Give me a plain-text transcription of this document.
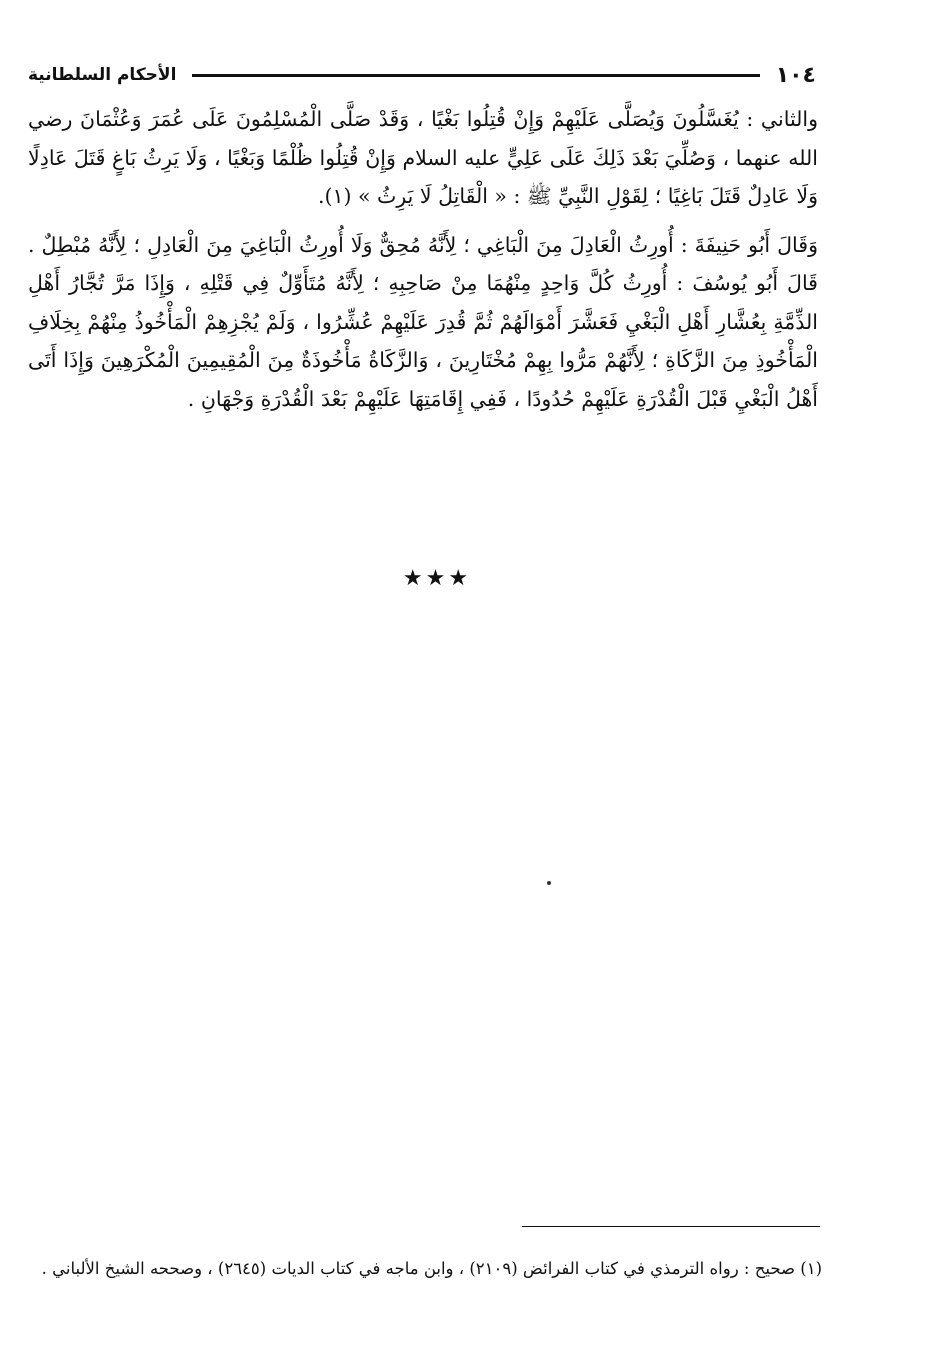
١٠٤
الأحكام السلطانية

والثاني : يُغَسَّلُونَ وَيُصَلَّى عَلَيْهِمْ وَإِنْ قُتِلُوا بَغْيًا ، وَقَدْ صَلَّى الْمُسْلِمُونَ عَلَى عُمَرَ وَعُثْمَانَ رضي الله عنهما ، وَصُلِّيَ بَعْدَ ذَلِكَ عَلَى عَلِيٍّ عليه السلام وَإِنْ قُتِلُوا ظُلْمًا وَبَغْيًا ، وَلَا يَرِثُ بَاغٍ قَتَلَ عَادِلًا وَلَا عَادِلٌ قَتَلَ بَاغِيًا ؛ لِقَوْلِ النَّبِيِّ ﷺ : « الْقَاتِلُ لَا يَرِثُ » (١).

وَقَالَ أَبُو حَنِيفَةَ : أُورِثُ الْعَادِلَ مِنَ الْبَاغِي ؛ لِأَنَّهُ مُحِقٌّ وَلَا أُورِثُ الْبَاغِيَ مِنَ الْعَادِلِ ؛ لِأَنَّهُ مُبْطِلٌ . قَالَ أَبُو يُوسُفَ : أُورِثُ كُلَّ وَاحِدٍ مِنْهُمَا مِنْ صَاحِبِهِ ؛ لِأَنَّهُ مُتَأَوِّلٌ فِي قَتْلِهِ ، وَإِذَا مَرَّ تُجَّارُ أَهْلِ الذِّمَّةِ بِعُشَّارِ أَهْلِ الْبَغْيِ فَعَشَّرَ أَمْوَالَهُمْ ثُمَّ قُدِرَ عَلَيْهِمْ عُشِّرُوا ، وَلَمْ يُجْزِهِمْ الْمَأْخُوذُ مِنْهُمْ بِخِلَافِ الْمَأْخُوذِ مِنَ الزَّكَاةِ ؛ لِأَنَّهُمْ مَرُّوا بِهِمْ مُخْتَارِينَ ، وَالزَّكَاةُ مَأْخُوذَةٌ مِنَ الْمُقِيمِينَ الْمُكْرَهِينَ وَإِذَا أَتَى أَهْلُ الْبَغْيِ قَبْلَ الْقُدْرَةِ عَلَيْهِمْ حُدُودًا ، فَفِي إِقَامَتِهَا عَلَيْهِمْ بَعْدَ الْقُدْرَةِ وَجْهَانِ .

★★★
(١) صحيح : رواه الترمذي في كتاب الفرائض (٢١٠٩) ، وابن ماجه في كتاب الديات (٢٦٤٥) ، وصححه الشيخ الألباني .
